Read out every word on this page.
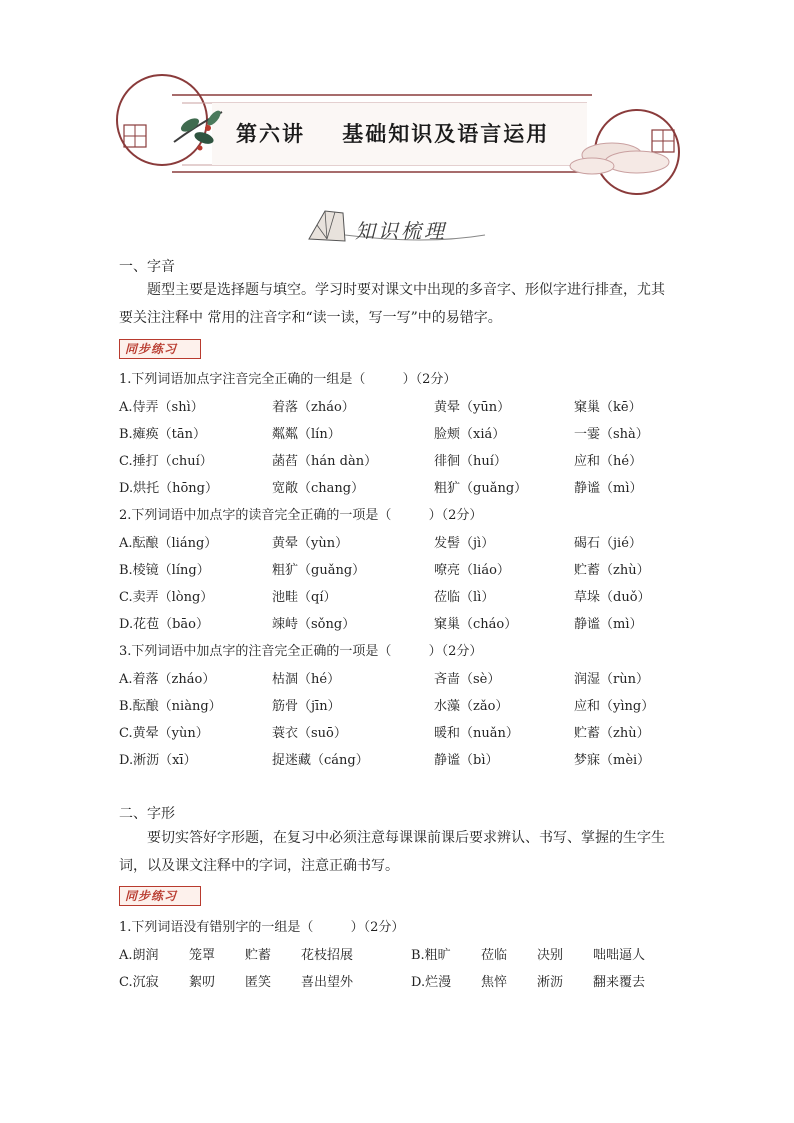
第六讲    基础知识及语言运用
知识梳理
一、字音
题型主要是选择题与填空。学习时要对课文中出现的多音字、形似字进行排查，尤其要关注注释中 常用的注音字和“读一读，写一写”中的易错字。
同步练习
1.下列词语加点字注音完全正确的一组是（         ）（2分）
A.侍弄（shì）	着落（zháo）	黄晕（yūn）	窠巢（kē）
B.瘫痪（tān）	粼粼（lín）	脸颊（xiá）	一霎（shà）
C.捶打（chuí）	菡萏（hán dàn）	徘徊（huí）	应和（hé）
D.烘托（hōng）	宽敞（chang）	粗犷（guǎng）	静谧（mì）
2.下列词语中加点字的读音完全正确的一项是（         ）（2分）
A.酝酿（liáng）	黄晕（yùn）	发髻（jì）	碣石（jié）
B.棱镜（líng）	粗犷（guǎng）	嘹亮（liáo）	贮蓄（zhù）
C.卖弄（lòng）	池畦（qí）	莅临（lì）	草垛（duǒ）
D.花苞（bāo）	竦峙（sǒng）	窠巢（cháo）	静谧（mì）
3.下列词语中加点字的注音完全正确的一项是（         ）（2分）
A.着落（zháo）	枯涸（hé）	吝啬（sè）	润湿（rùn）
B.酝酿（niàng）	筋骨（jīn）	水藻（zǎo）	应和（yìng）
C.黄晕（yùn）	蓑衣（suō）	暖和（nuǎn）	贮蓄（zhù）
D.淅沥（xī）	捉迷藏（cáng）	静谧（bì）	梦寐（mèi）
二、字形
要切实答好字形题，在复习中必须注意每课课前课后要求辨认、书写、掌握的生字生词，以及课文注释中的字词，注意正确书写。
同步练习
1.下列词语没有错别字的一组是（         ）（2分）
A.朗润 笼罩 贮蓄 花枝招展	B.粗旷 莅临 决别 咄咄逼人
C.沉寂 絮叨 匿笑 喜出望外	D.烂漫 焦悴 淅沥 翻来覆去
